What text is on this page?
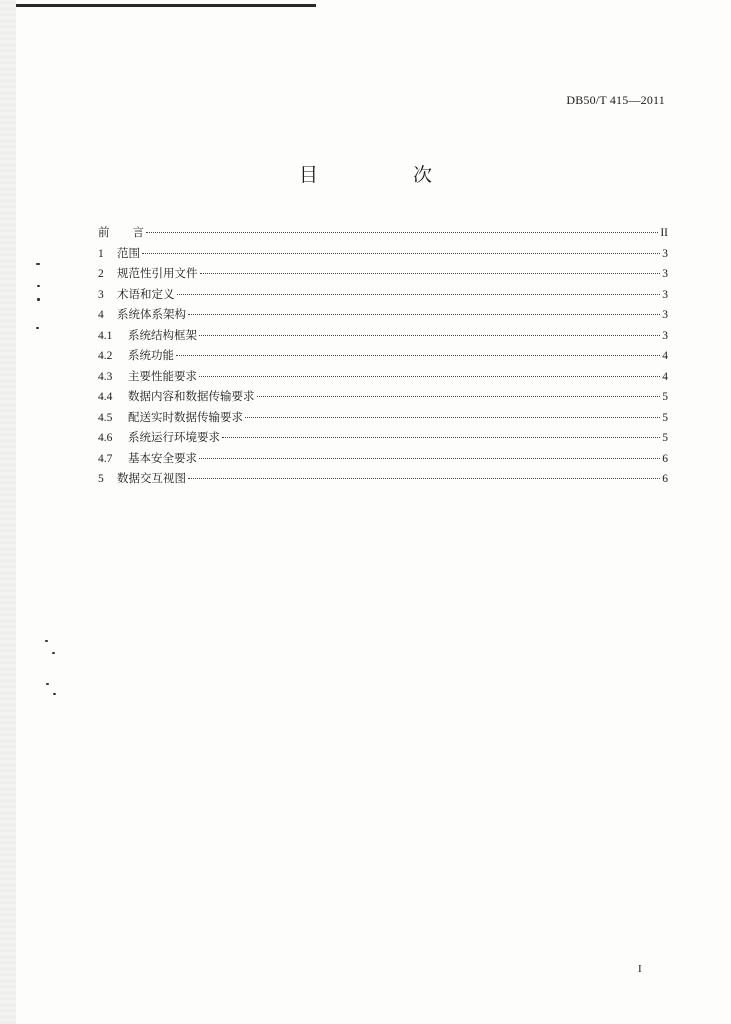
DB50/T 415—2011
目　次
前　　言	II
1	范围	3
2	规范性引用文件	3
3	术语和定义	3
4	系统体系架构	3
4.1	系统结构框架	3
4.2	系统功能	4
4.3	主要性能要求	4
4.4	数据内容和数据传输要求	5
4.5	配送实时数据传输要求	5
4.6	系统运行环境要求	5
4.7	基本安全要求	6
5	数据交互视图	6
I
